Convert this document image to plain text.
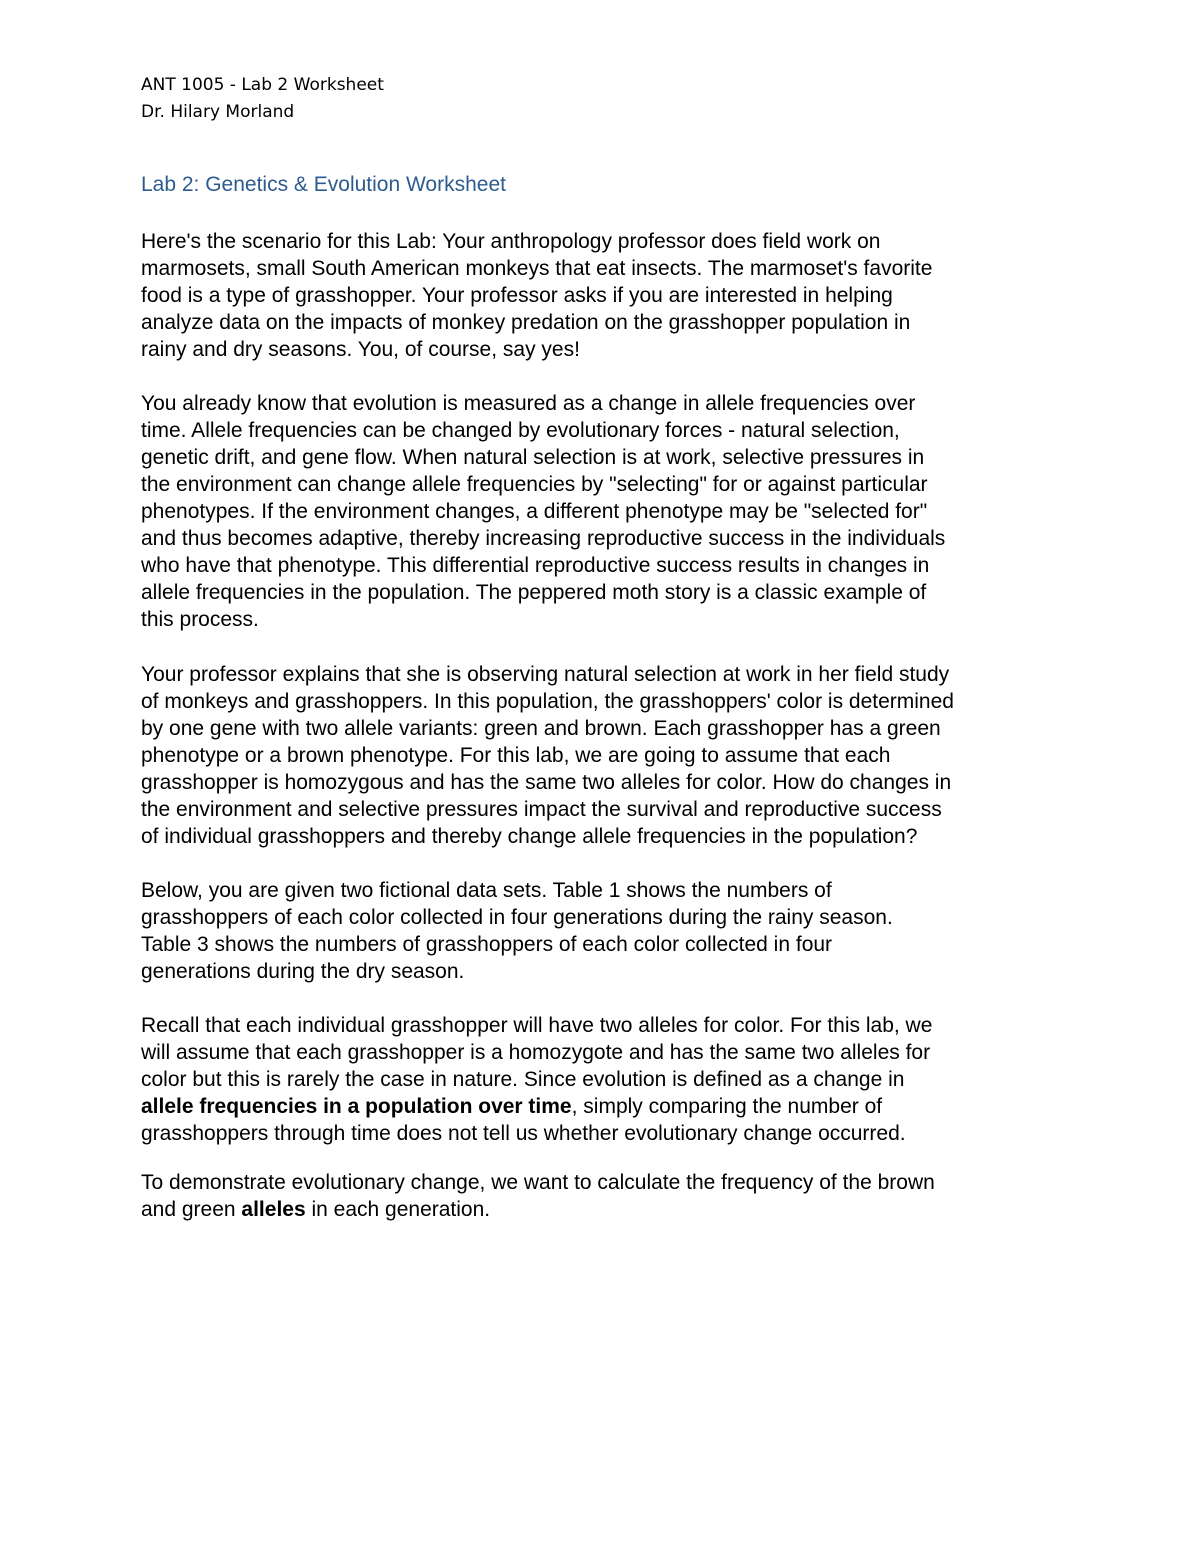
ANT 1005 - Lab 2 Worksheet
Dr. Hilary Morland
Lab 2: Genetics & Evolution Worksheet

Here's the scenario for this Lab: Your anthropology professor does field work on
marmosets, small South American monkeys that eat insects. The marmoset's favorite
food is a type of grasshopper. Your professor asks if you are interested in helping
analyze data on the impacts of monkey predation on the grasshopper population in
rainy and dry seasons. You, of course, say yes!

You already know that evolution is measured as a change in allele frequencies over
time. Allele frequencies can be changed by evolutionary forces - natural selection,
genetic drift, and gene flow. When natural selection is at work, selective pressures in
the environment can change allele frequencies by "selecting" for or against particular
phenotypes. If the environment changes, a different phenotype may be "selected for"
and thus becomes adaptive, thereby increasing reproductive success in the individuals
who have that phenotype. This differential reproductive success results in changes in
allele frequencies in the population. The peppered moth story is a classic example of
this process.

Your professor explains that she is observing natural selection at work in her field study
of monkeys and grasshoppers. In this population, the grasshoppers' color is determined
by one gene with two allele variants: green and brown. Each grasshopper has a green
phenotype or a brown phenotype. For this lab, we are going to assume that each
grasshopper is homozygous and has the same two alleles for color. How do changes in
the environment and selective pressures impact the survival and reproductive success
of individual grasshoppers and thereby change allele frequencies in the population?

Below, you are given two fictional data sets. Table 1 shows the numbers of
grasshoppers of each color collected in four generations during the rainy season.
Table 3 shows the numbers of grasshoppers of each color collected in four
generations during the dry season.

Recall that each individual grasshopper will have two alleles for color. For this lab, we
will assume that each grasshopper is a homozygote and has the same two alleles for
color but this is rarely the case in nature. Since evolution is defined as a change in
allele frequencies in a population over time, simply comparing the number of
grasshoppers through time does not tell us whether evolutionary change occurred.

To demonstrate evolutionary change, we want to calculate the frequency of the brown
and green alleles in each generation.
